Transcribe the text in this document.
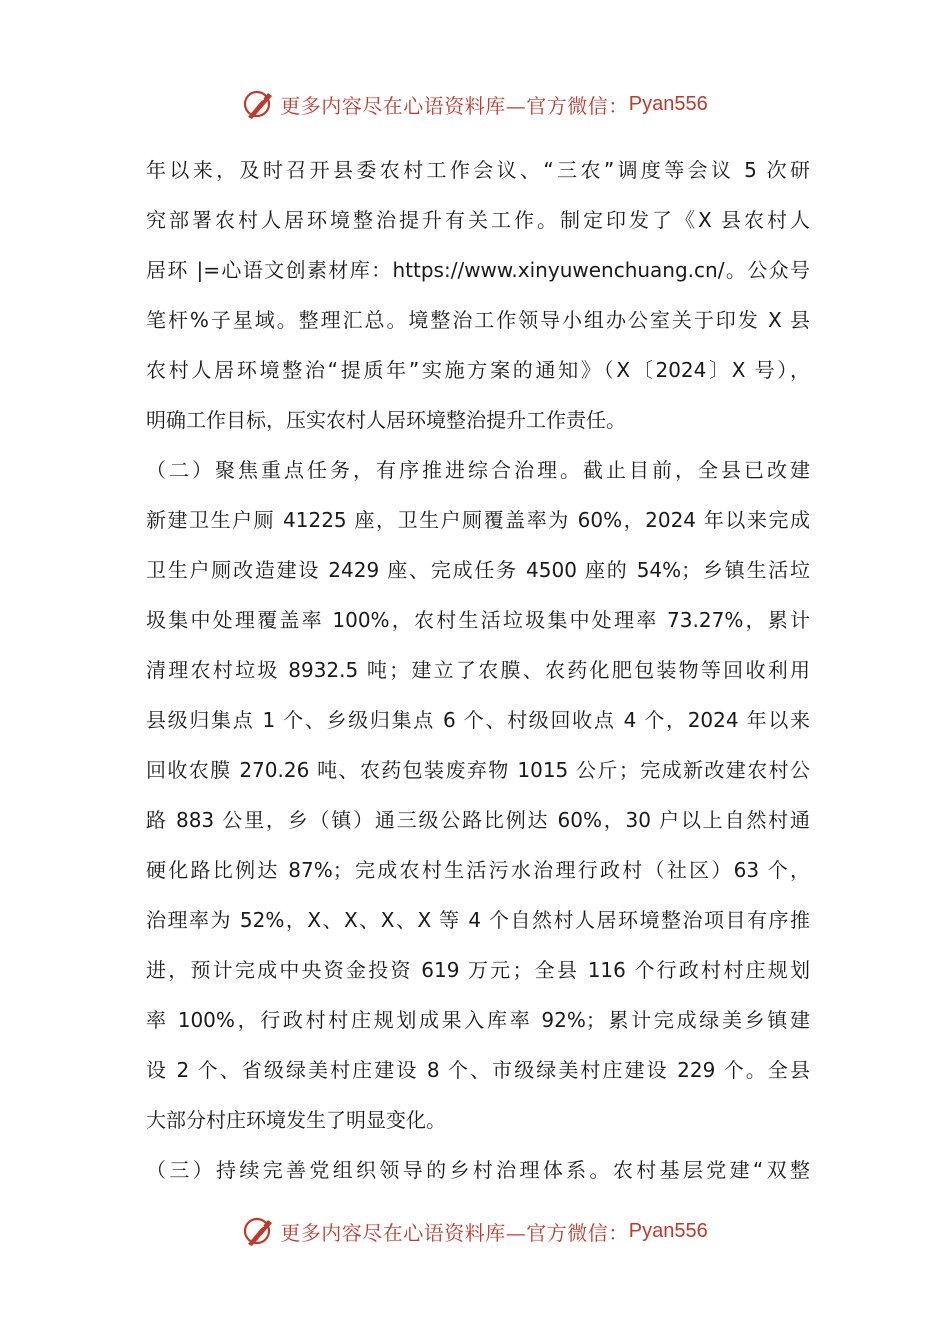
更多内容尽在心语资料库—官方微信： Pyan556
年以来，及时召开县委农村工作会议、“三农”调度等会议 5 次研
究部署农村人居环境整治提升有关工作。制定印发了《X 县农村人
居环 |=心语文创素材库：https://www.xinyuwenchuang.cn/。公众号
笔杆%子星域。整理汇总。境整治工作领导小组办公室关于印发 X 县
农村人居环境整治“提质年”实施方案的通知》（X〔2024〕X 号），
明确工作目标，压实农村人居环境整治提升工作责任。
（二）聚焦重点任务，有序推进综合治理。截止目前，全县已改建
新建卫生户厕 41225 座，卫生户厕覆盖率为 60%，2024 年以来完成
卫生户厕改造建设 2429 座、完成任务 4500 座的 54%；乡镇生活垃
圾集中处理覆盖率 100%，农村生活垃圾集中处理率 73.27%，累计
清理农村垃圾 8932.5 吨；建立了农膜、农药化肥包装物等回收利用
县级归集点 1 个、乡级归集点 6 个、村级回收点 4 个，2024 年以来
回收农膜 270.26 吨、农药包装废弃物 1015 公斤；完成新改建农村公
路 883 公里，乡（镇）通三级公路比例达 60%，30 户以上自然村通
硬化路比例达 87%；完成农村生活污水治理行政村（社区）63 个，
治理率为 52%，X、X、X、X 等 4 个自然村人居环境整治项目有序推
进，预计完成中央资金投资 619 万元；全县 116 个行政村村庄规划
率 100%，行政村村庄规划成果入库率 92%；累计完成绿美乡镇建
设 2 个、省级绿美村庄建设 8 个、市级绿美村庄建设 229 个。全县
大部分村庄环境发生了明显变化。
（三）持续完善党组织领导的乡村治理体系。农村基层党建“双整
更多内容尽在心语资料库—官方微信： Pyan556
